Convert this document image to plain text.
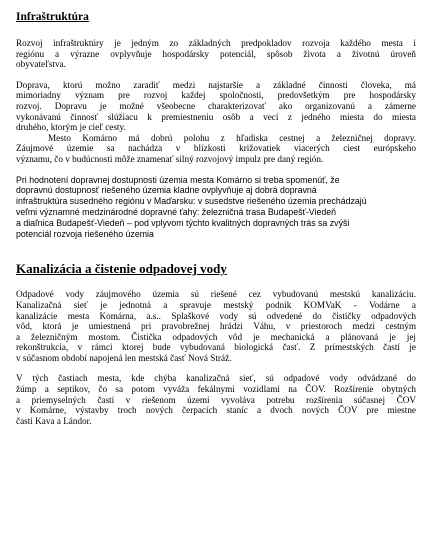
Infraštruktúra

Rozvoj infraštruktúry je jedným zo základných predpokladov rozvoja každého mesta i
regiónu a výrazne ovplyvňuje hospodársky potenciál, spôsob života a životnú úroveň
obyvateľstva.

Doprava, ktorú možno zaradiť medzi najstaršie a základné činnosti človeka, má
mimoriadny význam pre rozvoj každej spoločnosti, predovšetkým pre hospodársky
rozvoj. Dopravu je možné všeobecne charakterizovať ako organizovanú a zámerne
vykonávanú činnosť slúžiacu k premiestneniu osôb a vecí z jedného miesta do miesta
druhého, ktorým je cieľ cesty.
Mesto Komárno má dobrú polohu z hľadiska cestnej a železničnej dopravy.
Záujmové územie sa nachádza v blízkosti križovatiek viacerých ciest európskeho
významu, čo v budúcnosti môže znamenať silný rozvojový impulz pre daný región.

Pri hodnotení dopravnej dostupnosti územia mesta Komárno si treba spomenúť, že
dopravnú dostupnosť riešeného územia kladne ovplyvňuje aj dobrá dopravná
infraštruktúra susedného regiónu v Maďarsku: v susedstve riešeného územia prechádzajú
veľmi významné medzinárodné dopravné ťahy: železničná trasa Budapešť-Viedeň
a diaľnica Budapešť-Viedeň – pod vplyvom týchto kvalitných dopravných trás sa zvýši
potenciál rozvoja riešeného územia

Kanalizácia a čistenie odpadovej vody

Odpadové vody záujmového územia sú riešené cez vybudovanú mestskú kanalizáciu.
Kanalizačná sieť je jednotná a spravuje mestský podnik KOMVaK - Vodárne a
kanalizácie mesta Komárna, a.s.. Splaškové vody sú odvedené do čističky odpadových
vôd, ktorá je umiestnená pri pravobrežnej hrádzi Váhu, v priestoroch medzi cestným
a železničným mostom. Čistička odpadových vôd je mechanická a plánovaná je jej
rekonštrukcia, v rámci ktorej bude vybudovaná biologická časť. Z prímestských častí je
v súčasnom období napojená len mestská časť Nová Stráž.

V tých častiach mesta, kde chýba kanalizačná sieť, sú odpadové vody odvádzané do
žúmp a septikov, čo sa potom vyváža fekálnymi vozidlami na ČOV. Rozšírenie obytných
a priemyselných častí v riešenom území vyvoláva potrebu rozšírenia súčasnej ČOV
v Komárne, výstavby troch nových čerpacích staníc a dvoch nových ČOV pre miestne
časti Kava a Lándor.
